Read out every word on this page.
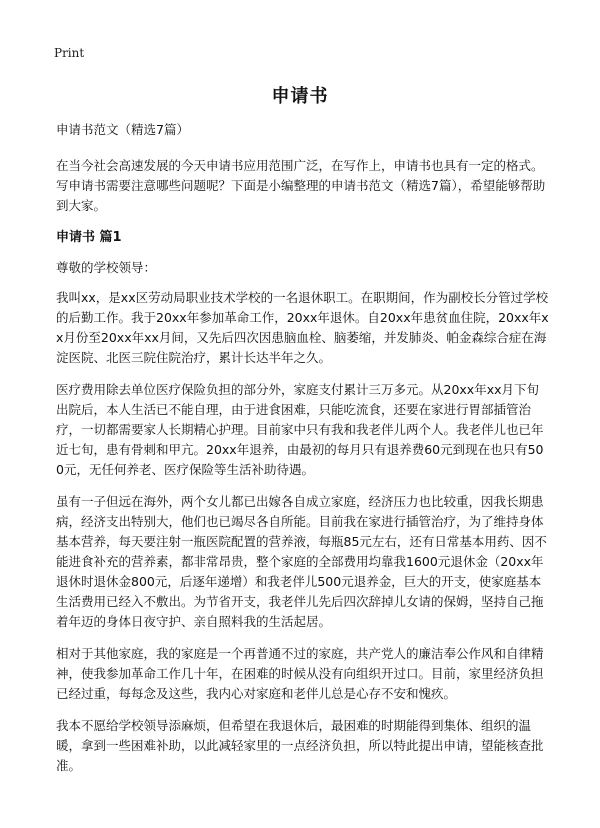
Print
申请书

申请书范文（精选7篇）

在当今社会高速发展的今天申请书应用范围广泛，在写作上，申请书也具有一定的格式。写申请书需要注意哪些问题呢？下面是小编整理的申请书范文（精选7篇），希望能够帮助到大家。

申请书 篇1

尊敬的学校领导：

我叫xx，是xx区劳动局职业技术学校的一名退休职工。在职期间，作为副校长分管过学校的后勤工作。我于20xx年参加革命工作，20xx年退休。自20xx年患贫血住院，20xx年xx月份至20xx年xx月间，又先后四次因患脑血栓、脑萎缩，并发肺炎、帕金森综合症在海淀医院、北医三院住院治疗，累计长达半年之久。

医疗费用除去单位医疗保险负担的部分外，家庭支付累计三万多元。从20xx年xx月下旬出院后，本人生活已不能自理，由于进食困难，只能吃流食，还要在家进行胃部插管治疗，一切都需要家人长期精心护理。目前家中只有我和我老伴儿两个人。我老伴儿也已年近七旬，患有骨刺和甲亢。20xx年退养，由最初的每月只有退养费60元到现在也只有500元，无任何养老、医疗保险等生活补助待遇。

虽有一子但远在海外，两个女儿都已出嫁各自成立家庭，经济压力也比较重，因我长期患病，经济支出特别大，他们也已竭尽各自所能。目前我在家进行插管治疗，为了维持身体基本营养，每天要注射一瓶医院配置的营养液，每瓶85元左右，还有日常基本用药、因不能进食补充的营养素，都非常昂贵，整个家庭的全部费用均靠我1600元退休金（20xx年退休时退休金800元，后逐年递增）和我老伴儿500元退养金，巨大的开支，使家庭基本生活费用已经入不敷出。为节省开支，我老伴儿先后四次辞掉儿女请的保姆，坚持自己拖着年迈的身体日夜守护、亲自照料我的生活起居。

相对于其他家庭，我的家庭是一个再普通不过的家庭，共产党人的廉洁奉公作风和自律精神，使我参加革命工作几十年，在困难的时候从没有向组织开过口。目前，家里经济负担已经过重，每每念及这些，我内心对家庭和老伴儿总是心存不安和愧疚。

我本不愿给学校领导添麻烦，但希望在我退休后，最困难的时期能得到集体、组织的温暖，拿到一些困难补助，以此减轻家里的一点经济负担，所以特此提出申请，望能核查批准。
